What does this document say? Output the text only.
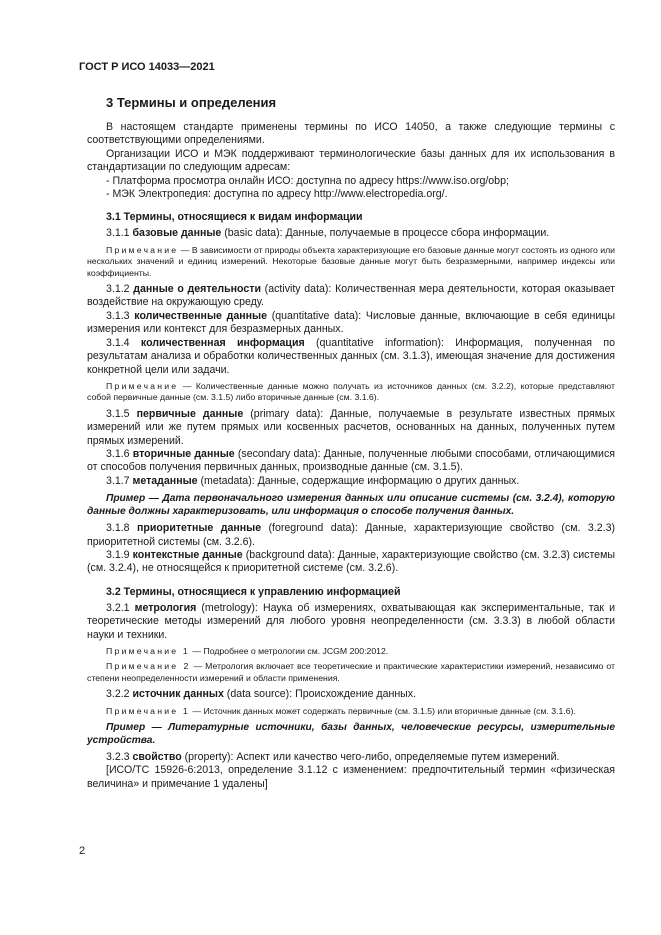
ГОСТ Р ИСО 14033—2021
3 Термины и определения

В настоящем стандарте применены термины по ИСО 14050, а также следующие термины с соответствующими определениями.

Организации ИСО и МЭК поддерживают терминологические базы данных для их использования в стандартизации по следующим адресам:

- Платформа просмотра онлайн ИСО: доступна по адресу https://www.iso.org/obp;

- МЭК Электропедия: доступна по адресу http://www.electropedia.org/.

3.1 Термины, относящиеся к видам информации

3.1.1 базовые данные (basic data): Данные, получаемые в процессе сбора информации.

Примечание — В зависимости от природы объекта характеризующие его базовые данные могут состоять из одного или нескольких значений и единиц измерений. Некоторые базовые данные могут быть безразмерными, например индексы или коэффициенты.

3.1.2 данные о деятельности (activity data): Количественная мера деятельности, которая оказывает воздействие на окружающую среду.

3.1.3 количественные данные (quantitative data): Числовые данные, включающие в себя единицы измерения или контекст для безразмерных данных.

3.1.4 количественная информация (quantitative information): Информация, полученная по результатам анализа и обработки количественных данных (см. 3.1.3), имеющая значение для достижения конкретной цели или задачи.

Примечание — Количественные данные можно получать из источников данных (см. 3.2.2), которые представляют собой первичные данные (см. 3.1.5) либо вторичные данные (см. 3.1.6).

3.1.5 первичные данные (primary data): Данные, получаемые в результате известных прямых измерений или же путем прямых или косвенных расчетов, основанных на данных, полученных путем прямых измерений.

3.1.6 вторичные данные (secondary data): Данные, полученные любыми способами, отличающимися от способов получения первичных данных, производные данные (см. 3.1.5).

3.1.7 метаданные (metadata): Данные, содержащие информацию о других данных.

Пример — Дата первоначального измерения данных или описание системы (см. 3.2.4), которую данные должны характеризовать, или информация о способе получения данных.

3.1.8 приоритетные данные (foreground data): Данные, характеризующие свойство (см. 3.2.3) приоритетной системы (см. 3.2.6).

3.1.9 контекстные данные (background data): Данные, характеризующие свойство (см. 3.2.3) системы (см. 3.2.4), не относящейся к приоритетной системе (см. 3.2.6).

3.2 Термины, относящиеся к управлению информацией

3.2.1 метрология (metrology): Наука об измерениях, охватывающая как экспериментальные, так и теоретические методы измерений для любого уровня неопределенности (см. 3.3.3) в любой области науки и техники.

Примечание 1 — Подробнее о метрологии см. JCGM 200:2012.

Примечание 2 — Метрология включает все теоретические и практические характеристики измерений, независимо от степени неопределенности измерений и области применения.

3.2.2 источник данных (data source): Происхождение данных.

Примечание 1 — Источник данных может содержать первичные (см. 3.1.5) или вторичные данные (см. 3.1.6).

Пример — Литературные источники, базы данных, человеческие ресурсы, измерительные устройства.

3.2.3 свойство (property): Аспект или качество чего-либо, определяемые путем измерений.

[ИСО/ТС 15926-6:2013, определение 3.1.12 с изменением: предпочтительный термин «физическая величина» и примечание 1 удалены]

2
